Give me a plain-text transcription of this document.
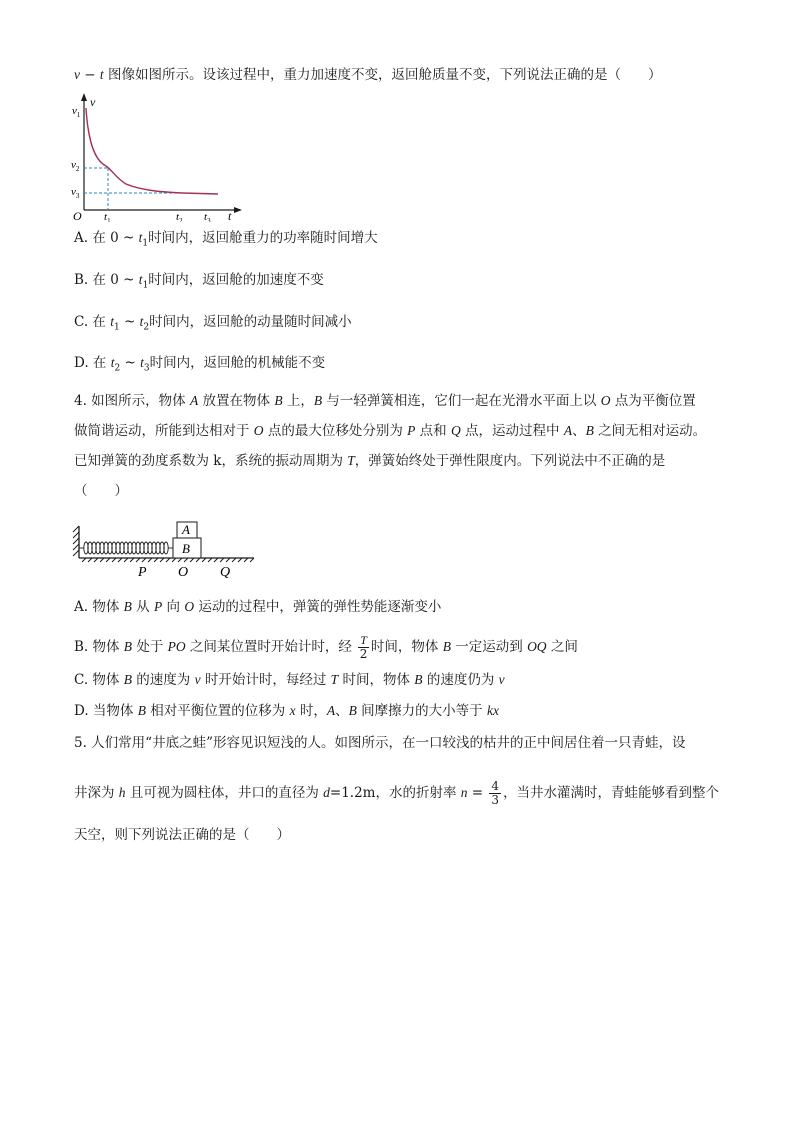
v − t 图像如图所示。设该过程中，重力加速度不变，返回舱质量不变，下列说法正确的是（　　）
v
$v_1$
$v_2$
$v_3$
O $t_1$	$t_2$ $t_3$ t
A. 在 0 ~ $t_1$时间内，返回舱重力的功率随时间增大
B. 在 0 ~ $t_1$时间内，返回舱的加速度不变
C. 在 $t_1$ ~ $t_2$时间内，返回舱的动量随时间减小
D. 在 $t_2$ ~ $t_3$时间内，返回舱的机械能不变
4. 如图所示，物体 A 放置在物体 B 上，B 与一轻弹簧相连，它们一起在光滑水平面上以 O 点为平衡位置
做简谐运动，所能到达相对于 O 点的最大位移处分别为 P 点和 Q 点，运动过程中 A、B 之间无相对运动。
已知弹簧的劲度系数为 k，系统的振动周期为 T，弹簧始终处于弹性限度内。下列说法中不正确的是
（　　）
A
B
P O Q
A. 物体 B 从 P 向 O 运动的过程中，弹簧的弹性势能逐渐变小
B. 物体 B 处于 PO 之间某位置时开始计时，经 $\frac{T}{2}$ 时间，物体 B 一定运动到 OQ 之间
C. 物体 B 的速度为 v 时开始计时，每经过 T 时间，物体 B 的速度仍为 v
D. 当物体 B 相对平衡位置的位移为 x 时，A、B 间摩擦力的大小等于 kx
5. 人们常用“井底之蛙”形容见识短浅的人。如图所示，在一口较浅的枯井的正中间居住着一只青蛙，设
井深为 h 且可视为圆柱体，井口的直径为 d=1.2m，水的折射率 $n = \frac{4}{3}$ ，当井水灌满时，青蛙能够看到整个
天空，则下列说法正确的是（　　）
